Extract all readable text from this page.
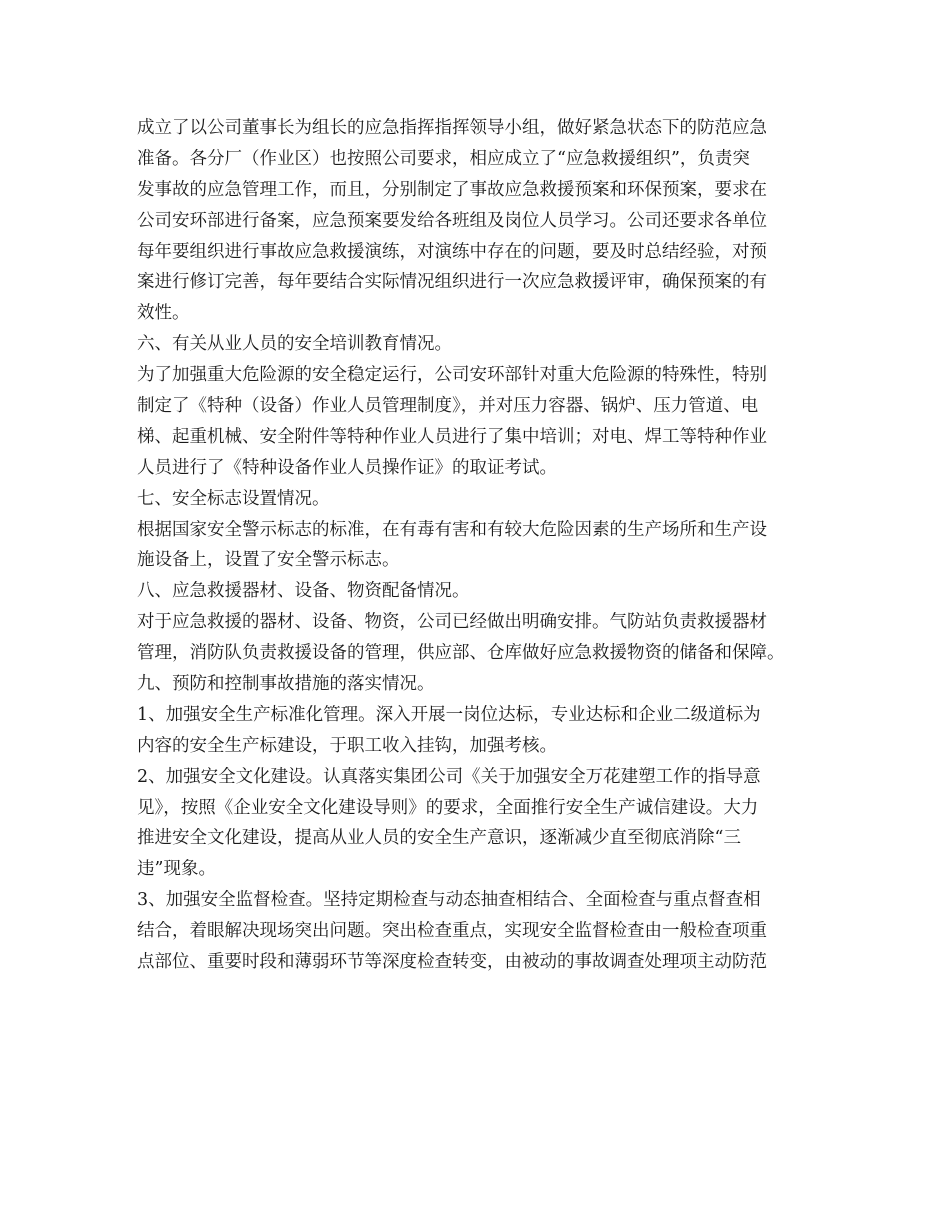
成立了以公司董事长为组长的应急指挥指挥领导小组，做好紧急状态下的防范应急
准备。各分厂（作业区）也按照公司要求，相应成立了“应急救援组织”，负责突
发事故的应急管理工作，而且，分别制定了事故应急救援预案和环保预案，要求在
公司安环部进行备案，应急预案要发给各班组及岗位人员学习。公司还要求各单位
每年要组织进行事故应急救援演练，对演练中存在的问题，要及时总结经验，对预
案进行修订完善，每年要结合实际情况组织进行一次应急救援评审，确保预案的有
效性。
六、有关从业人员的安全培训教育情况。
为了加强重大危险源的安全稳定运行，公司安环部针对重大危险源的特殊性，特别
制定了《特种（设备）作业人员管理制度》，并对压力容器、锅炉、压力管道、电
梯、起重机械、安全附件等特种作业人员进行了集中培训；对电、焊工等特种作业
人员进行了《特种设备作业人员操作证》的取证考试。
七、安全标志设置情况。
根据国家安全警示标志的标准，在有毒有害和有较大危险因素的生产场所和生产设
施设备上，设置了安全警示标志。
八、应急救援器材、设备、物资配备情况。
对于应急救援的器材、设备、物资，公司已经做出明确安排。气防站负责救援器材
管理，消防队负责救援设备的管理，供应部、仓库做好应急救援物资的储备和保障。
九、预防和控制事故措施的落实情况。
1、加强安全生产标准化管理。深入开展一岗位达标，专业达标和企业二级道标为
内容的安全生产标建设，于职工收入挂钩，加强考核。
2、加强安全文化建设。认真落实集团公司《关于加强安全万花建塑工作的指导意
见》，按照《企业安全文化建设导则》的要求，全面推行安全生产诚信建设。大力
推进安全文化建设，提高从业人员的安全生产意识，逐渐减少直至彻底消除“三
违”现象。
3、加强安全监督检查。坚持定期检查与动态抽查相结合、全面检查与重点督查相
结合，着眼解决现场突出问题。突出检查重点，实现安全监督检查由一般检查项重
点部位、重要时段和薄弱环节等深度检查转变，由被动的事故调查处理项主动防范
